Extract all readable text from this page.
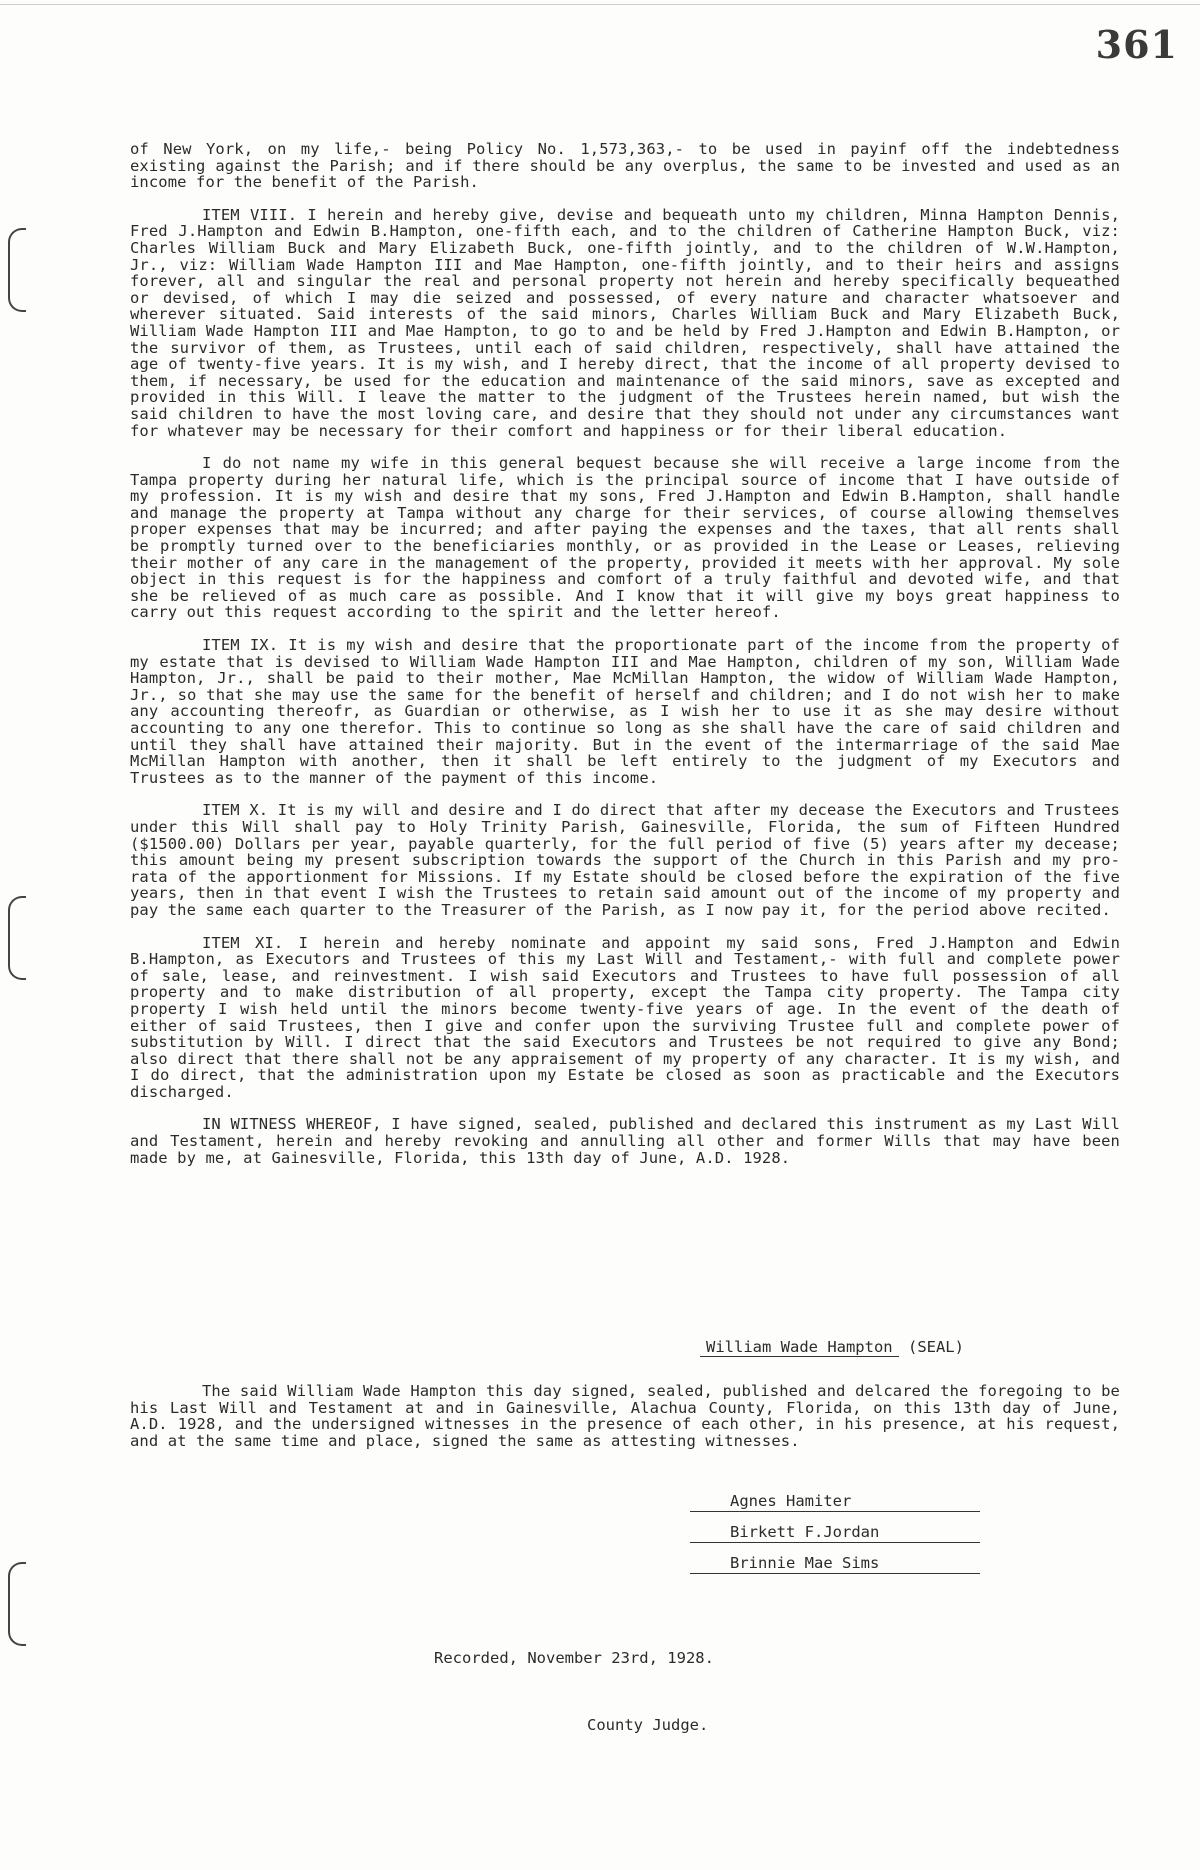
361

of New York, on my life,- being Policy No. 1,573,363,- to be used in payinf off the indebtedness existing against the Parish; and if there should be any overplus, the same to be invested and used as an income for the benefit of the Parish.

ITEM VIII. I herein and hereby give, devise and bequeath unto my children, Minna Hampton Dennis, Fred J.Hampton and Edwin B.Hampton, one-fifth each, and to the children of Catherine Hampton Buck, viz: Charles William Buck and Mary Elizabeth Buck, one-fifth jointly, and to the children of W.W.Hampton, Jr., viz: William Wade Hampton III and Mae Hampton, one-fifth jointly, and to their heirs and assigns forever, all and singular the real and personal property not herein and hereby specifically bequeathed or devised, of which I may die seized and possessed, of every nature and character whatsoever and wherever situated. Said interests of the said minors, Charles William Buck and Mary Elizabeth Buck, William Wade Hampton III and Mae Hampton, to go to and be held by Fred J.Hampton and Edwin B.Hampton, or the survivor of them, as Trustees, until each of said children, respectively, shall have attained the age of twenty-five years. It is my wish, and I hereby direct, that the income of all property devised to them, if necessary, be used for the education and maintenance of the said minors, save as excepted and provided in this Will. I leave the matter to the judgment of the Trustees herein named, but wish the said children to have the most loving care, and desire that they should not under any circumstances want for whatever may be necessary for their comfort and happiness or for their liberal education.

I do not name my wife in this general bequest because she will receive a large income from the Tampa property during her natural life, which is the principal source of income that I have outside of my profession. It is my wish and desire that my sons, Fred J.Hampton and Edwin B.Hampton, shall handle and manage the property at Tampa without any charge for their services, of course allowing themselves proper expenses that may be incurred; and after paying the expenses and the taxes, that all rents shall be promptly turned over to the beneficiaries monthly, or as provided in the Lease or Leases, relieving their mother of any care in the management of the property, provided it meets with her approval. My sole object in this request is for the happiness and comfort of a truly faithful and devoted wife, and that she be relieved of as much care as possible. And I know that it will give my boys great happiness to carry out this request according to the spirit and the letter hereof.

ITEM IX. It is my wish and desire that the proportionate part of the income from the property of my estate that is devised to William Wade Hampton III and Mae Hampton, children of my son, William Wade Hampton, Jr., shall be paid to their mother, Mae McMillan Hampton, the widow of William Wade Hampton, Jr., so that she may use the same for the benefit of herself and children; and I do not wish her to make any accounting thereofr, as Guardian or otherwise, as I wish her to use it as she may desire without accounting to any one therefor. This to continue so long as she shall have the care of said children and until they shall have attained their majority. But in the event of the intermarriage of the said Mae McMillan Hampton with another, then it shall be left entirely to the judgment of my Executors and Trustees as to the manner of the payment of this income.

ITEM X. It is my will and desire and I do direct that after my decease the Executors and Trustees under this Will shall pay to Holy Trinity Parish, Gainesville, Florida, the sum of Fifteen Hundred ($1500.00) Dollars per year, payable quarterly, for the full period of five (5) years after my decease; this amount being my present subscription towards the support of the Church in this Parish and my pro-rata of the apportionment for Missions. If my Estate should be closed before the expiration of the five years, then in that event I wish the Trustees to retain said amount out of the income of my property and pay the same each quarter to the Treasurer of the Parish, as I now pay it, for the period above recited.

ITEM XI. I herein and hereby nominate and appoint my said sons, Fred J.Hampton and Edwin B.Hampton, as Executors and Trustees of this my Last Will and Testament,- with full and complete power of sale, lease, and reinvestment. I wish said Executors and Trustees to have full possession of all property and to make distribution of all property, except the Tampa city property. The Tampa city property I wish held until the minors become twenty-five years of age. In the event of the death of either of said Trustees, then I give and confer upon the surviving Trustee full and complete power of substitution by Will. I direct that the said Executors and Trustees be not required to give any Bond; also direct that there shall not be any appraisement of my property of any character. It is my wish, and I do direct, that the administration upon my Estate be closed as soon as practicable and the Executors discharged.

IN WITNESS WHEREOF, I have signed, sealed, published and declared this instrument as my Last Will and Testament, herein and hereby revoking and annulling all other and former Wills that may have been made by me, at Gainesville, Florida, this 13th day of June, A.D. 1928.

William Wade Hampton (SEAL)

The said William Wade Hampton this day signed, sealed, published and delcared the foregoing to be his Last Will and Testament at and in Gainesville, Alachua County, Florida, on this 13th day of June, A.D. 1928, and the undersigned witnesses in the presence of each other, in his presence, at his request, and at the same time and place, signed the same as attesting witnesses.

Agnes Hamiter
Birkett F.Jordan
Brinnie Mae Sims
Recorded, November 23rd, 1928.
County Judge.
